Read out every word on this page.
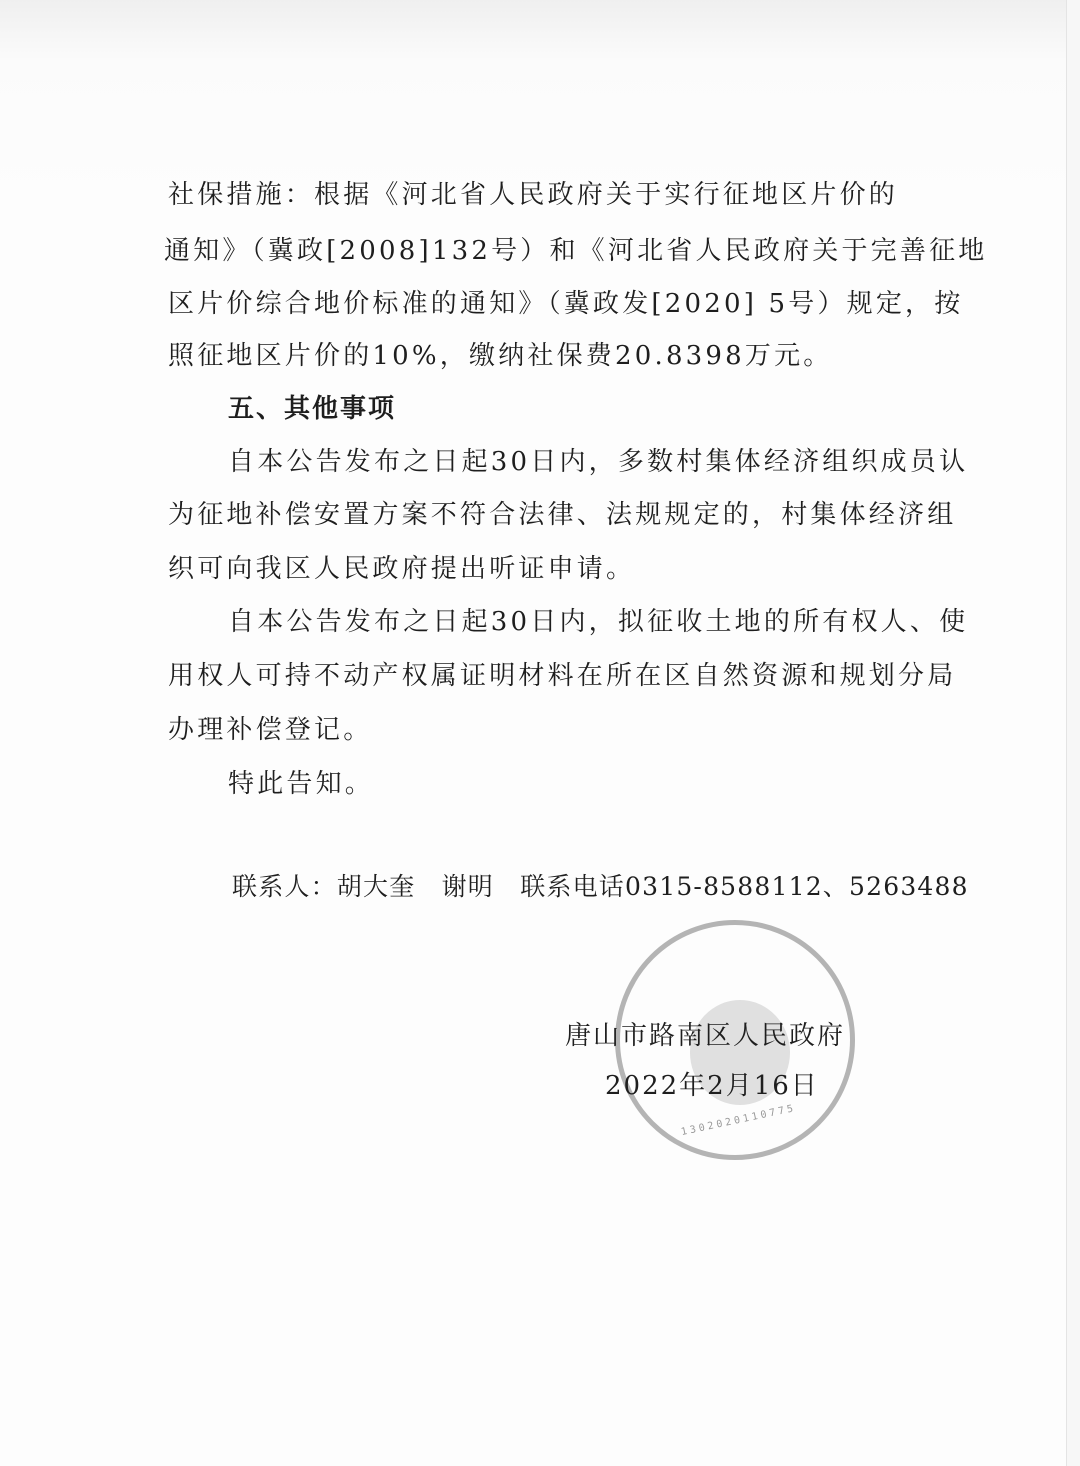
社保措施：根据《河北省人民政府关于实行征地区片价的
通知》（冀政[2008]132号）和《河北省人民政府关于完善征地
区片价综合地价标准的通知》（冀政发[2020] 5号）规定，按
照征地区片价的10%，缴纳社保费20.8398万元。
五、其他事项
自本公告发布之日起30日内，多数村集体经济组织成员认
为征地补偿安置方案不符合法律、法规规定的，村集体经济组
织可向我区人民政府提出听证申请。
自本公告发布之日起30日内，拟征收土地的所有权人、使
用权人可持不动产权属证明材料在所在区自然资源和规划分局
办理补偿登记。
特此告知。
联系人：胡大奎　谢明　联系电话0315-8588112、5263488
1302020110775
唐山市路南区人民政府
2022年2月16日
